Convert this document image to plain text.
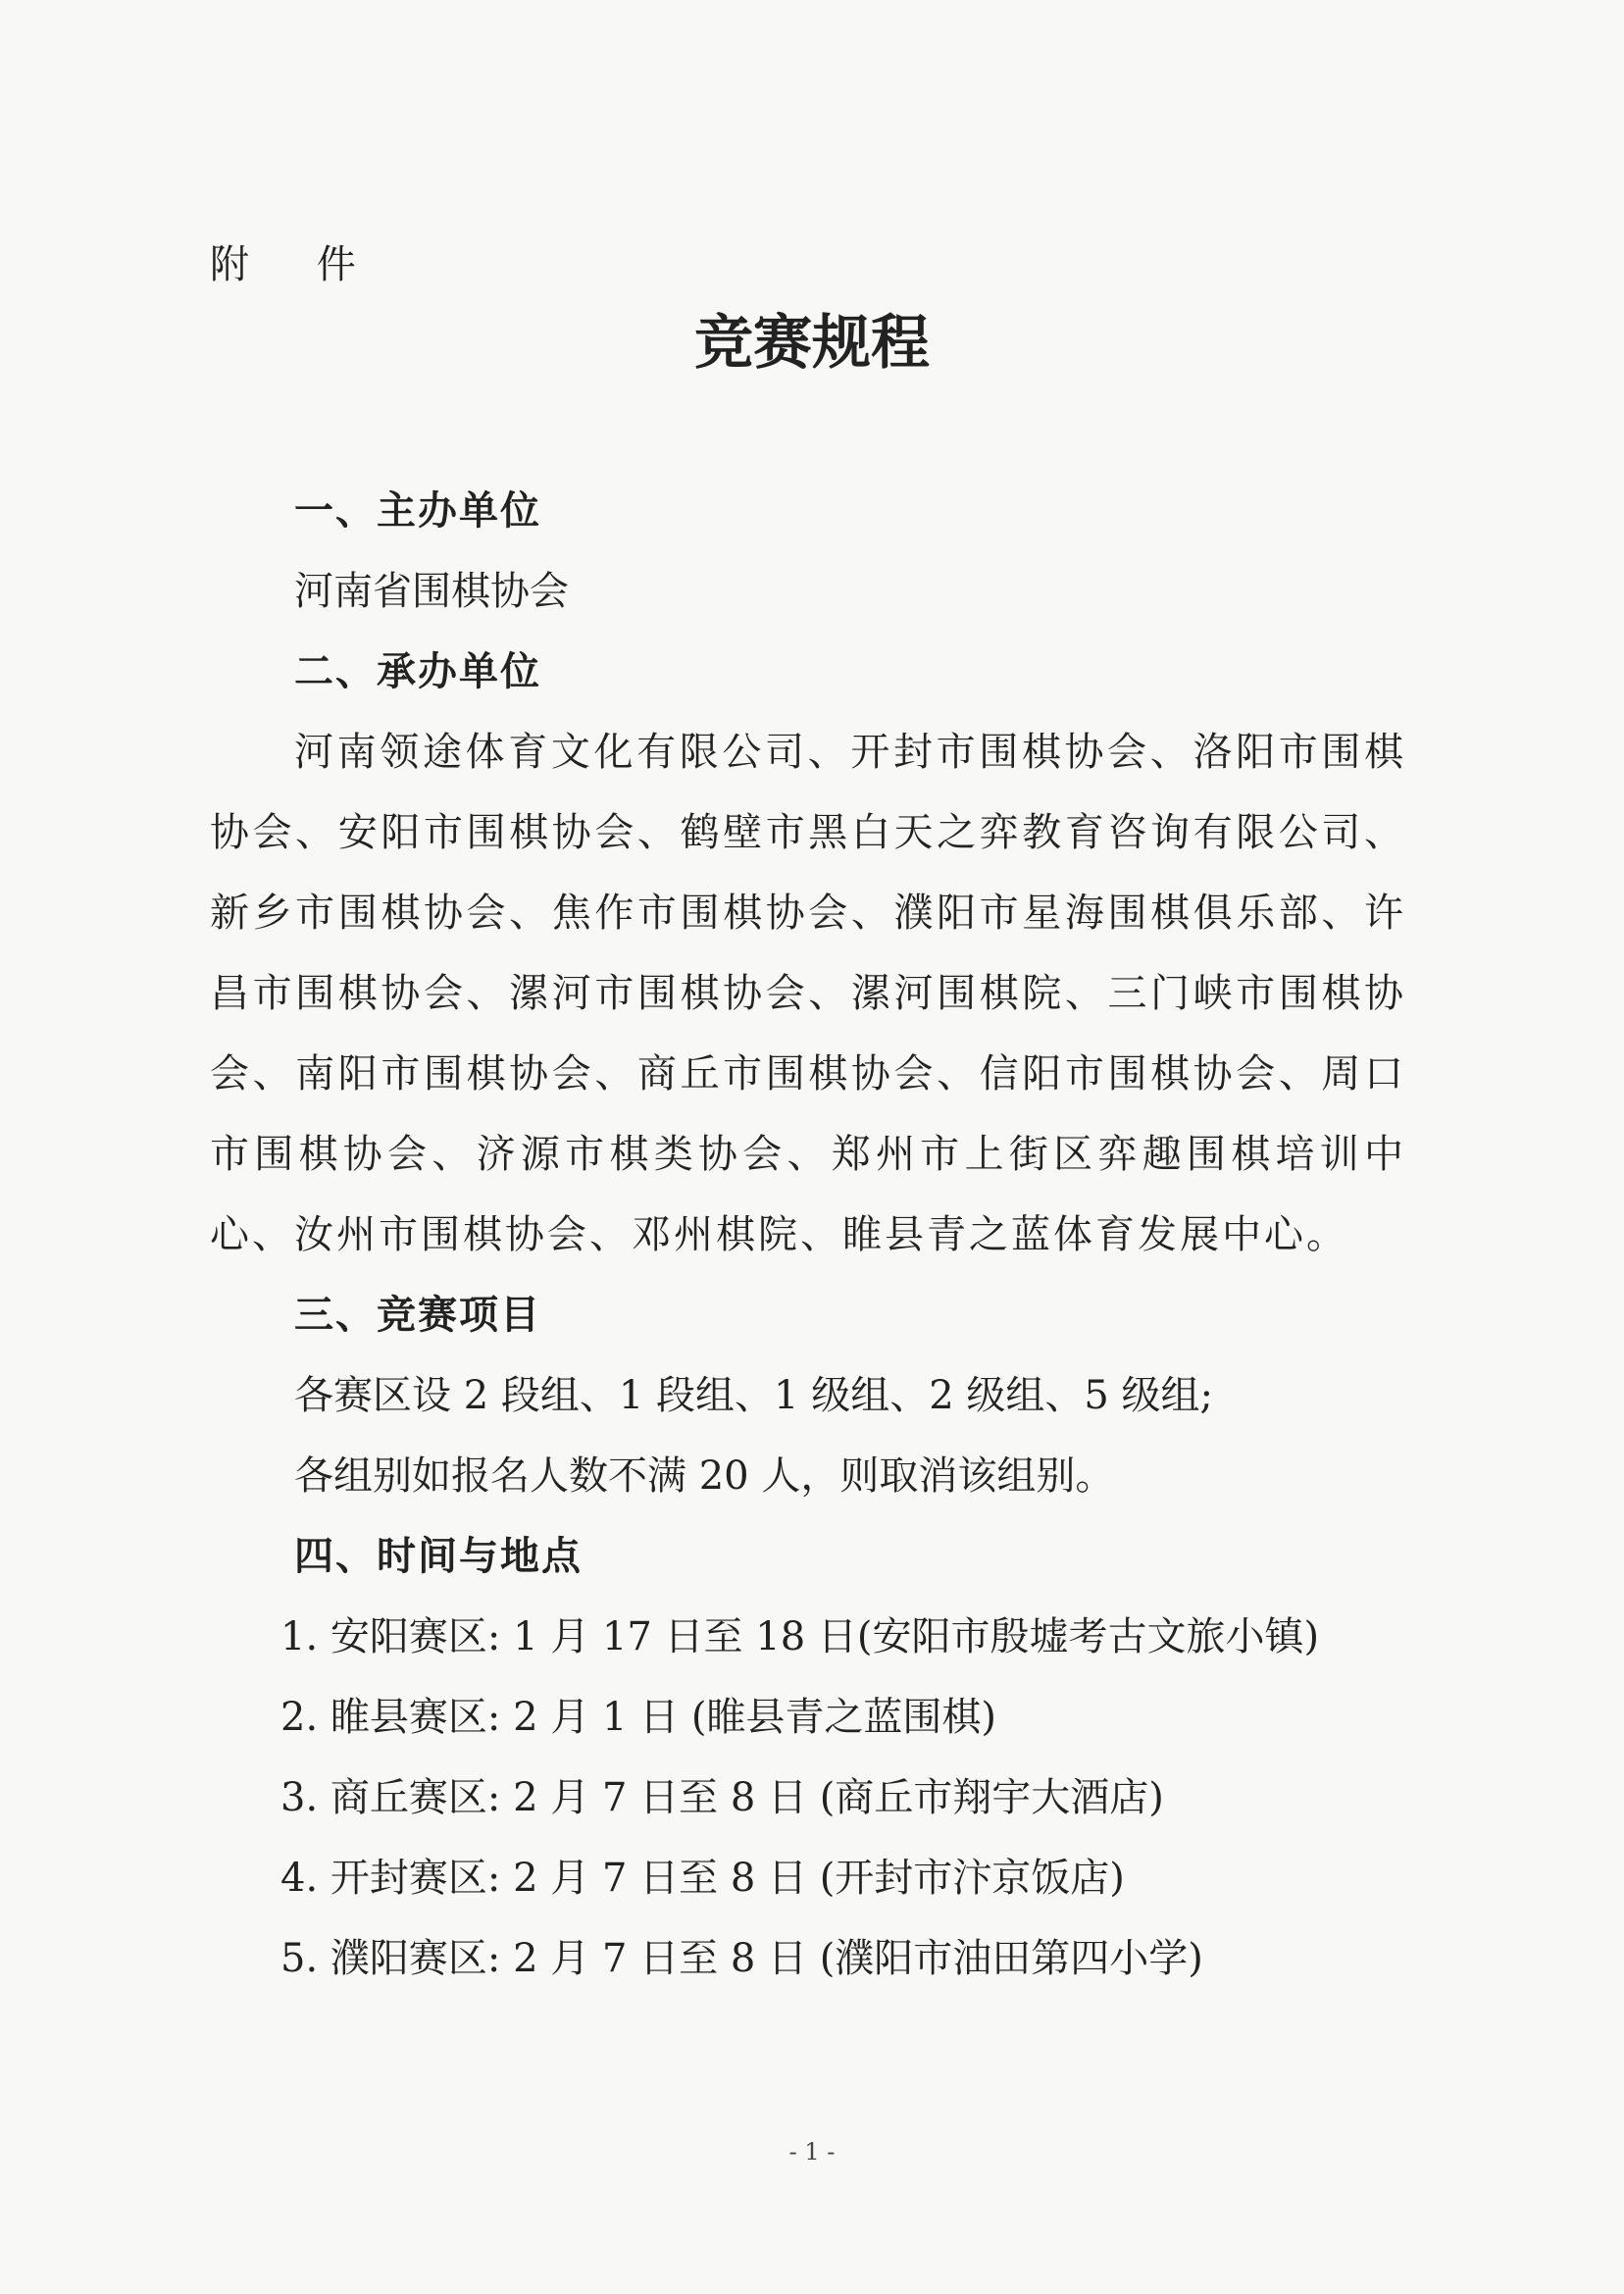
附 件
竞赛规程
一、主办单位
河南省围棋协会
二、承办单位
河南领途体育文化有限公司、开封市围棋协会、洛阳市围棋协会、安阳市围棋协会、鹤壁市黑白天之弈教育咨询有限公司、新乡市围棋协会、焦作市围棋协会、濮阳市星海围棋俱乐部、许昌市围棋协会、漯河市围棋协会、漯河围棋院、三门峡市围棋协会、南阳市围棋协会、商丘市围棋协会、信阳市围棋协会、周口市围棋协会、济源市棋类协会、郑州市上街区弈趣围棋培训中心、汝州市围棋协会、邓州棋院、睢县青之蓝体育发展中心。
三、竞赛项目
各赛区设 2 段组、1 段组、1 级组、2 级组、5 级组;
各组别如报名人数不满 20 人，则取消该组别。
四、时间与地点
1. 安阳赛区: 1 月 17 日至 18 日(安阳市殷墟考古文旅小镇)
2. 睢县赛区: 2 月 1 日 (睢县青之蓝围棋)
3. 商丘赛区: 2 月 7 日至 8 日 (商丘市翔宇大酒店)
4. 开封赛区: 2 月 7 日至 8 日 (开封市汴京饭店)
5. 濮阳赛区: 2 月 7 日至 8 日 (濮阳市油田第四小学)
- 1 -
